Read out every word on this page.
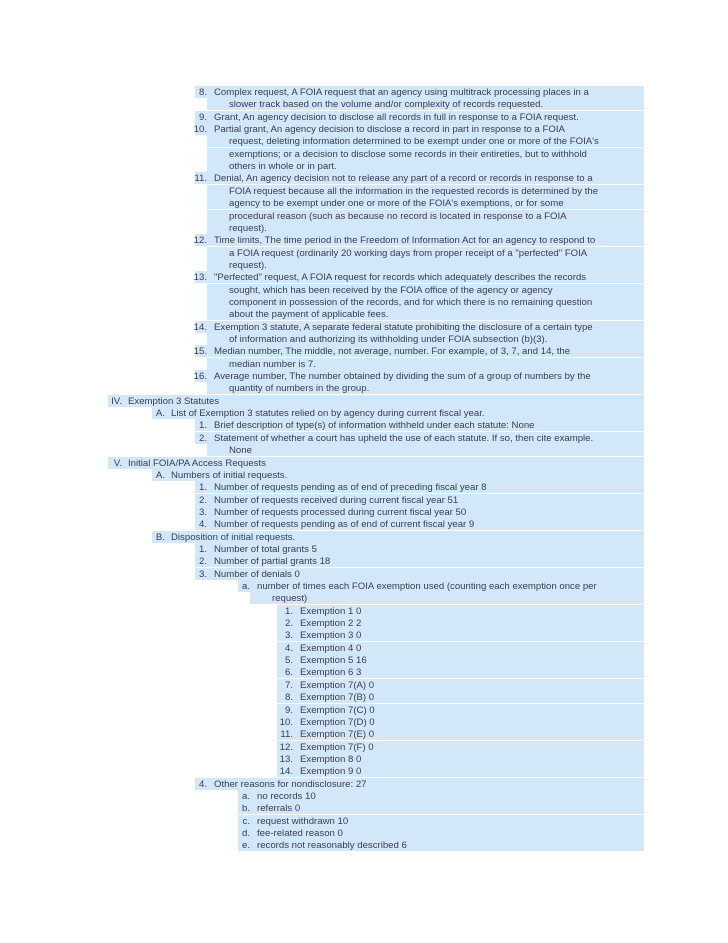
8. Complex request, A FOIA request that an agency using multitrack processing places in a
slower track based on the volume and/or complexity of records requested.
9. Grant, An agency decision to disclose all records in full in response to a FOIA request.
10. Partial grant, An agency decision to disclose a record in part in response to a FOIA
request, deleting information determined to be exempt under one or more of the FOIA's
exemptions; or a decision to disclose some records in their entireties, but to withhold
others in whole or in part.
11. Denial, An agency decision not to release any part of a record or records in response to a
FOIA request because all the information in the requested records is determined by the
agency to be exempt under one or more of the FOIA's exemptions, or for some
procedural reason (such as because no record is located in response to a FOIA
request).
12. Time limits, The time period in the Freedom of Information Act for an agency to respond to
a FOIA request (ordinarily 20 working days from proper receipt of a "perfected" FOIA
request).
13. "Perfected" request, A FOIA request for records which adequately describes the records
sought, which has been received by the FOIA office of the agency or agency
component in possession of the records, and for which there is no remaining question
about the payment of applicable fees.
14. Exemption 3 statute, A separate federal statute prohibiting the disclosure of a certain type
of information and authorizing its withholding under FOIA subsection (b)(3).
15. Median number, The middle, not average, number. For example, of 3, 7, and 14, the
median number is 7.
16. Average number, The number obtained by dividing the sum of a group of numbers by the
quantity of numbers in the group.
IV. Exemption 3 Statutes
A. List of Exemption 3 statutes relied on by agency during current fiscal year.
1. Brief description of type(s) of information withheld under each statute: None
2. Statement of whether a court has upheld the use of each statute. If so, then cite example.
None
V. Initial FOIA/PA Access Requests
A. Numbers of initial requests.
1. Number of requests pending as of end of preceding fiscal year 8
2. Number of requests received during current fiscal year 51
3. Number of requests processed during current fiscal year 50
4. Number of requests pending as of end of current fiscal year 9
B. Disposition of initial requests.
1. Number of total grants 5
2. Number of partial grants 18
3. Number of denials 0
a. number of times each FOIA exemption used (counting each exemption once per
request)
1. Exemption 1 0
2. Exemption 2 2
3. Exemption 3 0
4. Exemption 4 0
5. Exemption 5 16
6. Exemption 6 3
7. Exemption 7(A) 0
8. Exemption 7(B) 0
9. Exemption 7(C) 0
10. Exemption 7(D) 0
11. Exemption 7(E) 0
12. Exemption 7(F) 0
13. Exemption 8 0
14. Exemption 9 0
4. Other reasons for nondisclosure: 27
a. no records 10
b. referrals 0
c. request withdrawn 10
d. fee-related reason 0
e. records not reasonably described 6
